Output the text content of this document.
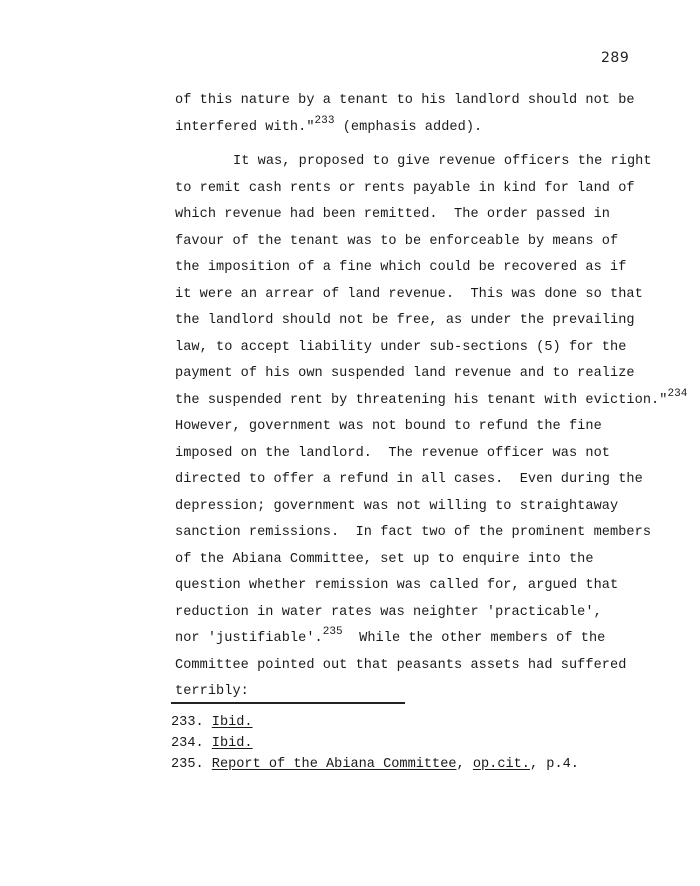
289
of this nature by a tenant to his landlord should not be
interfered with."$^{233}$ (emphasis added).
It was, proposed to give revenue officers the right
to remit cash rents or rents payable in kind for land of
which revenue had been remitted.  The order passed in
favour of the tenant was to be enforceable by means of
the imposition of a fine which could be recovered as if
it were an arrear of land revenue.  This was done so that
the landlord should not be free, as under the prevailing
law, to accept liability under sub-sections (5) for the
payment of his own suspended land revenue and to realize
the suspended rent by threatening his tenant with eviction."$^{234}$
However, government was not bound to refund the fine
imposed on the landlord.  The revenue officer was not
directed to offer a refund in all cases.  Even during the
depression; government was not willing to straightaway
sanction remissions.  In fact two of the prominent members
of the Abiana Committee, set up to enquire into the
question whether remission was called for, argued that
reduction in water rates was neighter 'practicable',
nor 'justifiable'.$^{235}$  While the other members of the
Committee pointed out that peasants assets had suffered
terribly:
233. Ibid.
234. Ibid.
235. Report of the Abiana Committee, op.cit., p.4.
